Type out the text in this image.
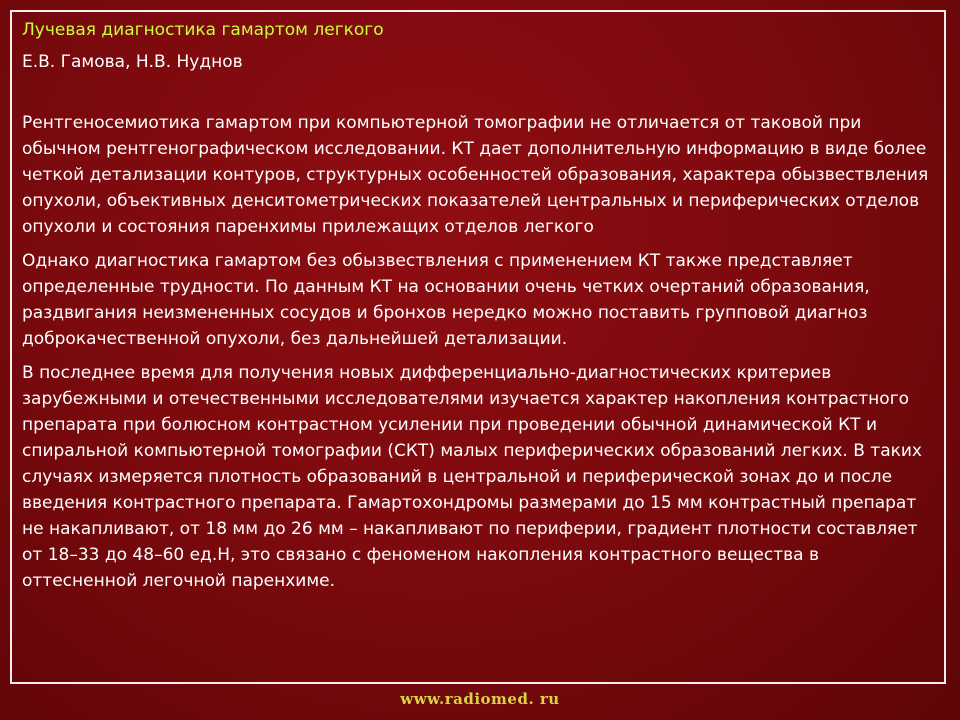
Лучевая диагностика гамартом легкого
Е.В. Гамова, Н.В. Нуднов

Рентгеносемиотика гамартом при компьютерной томографии не отличается от таковой при обычном рентгенографическом исследовании. КТ дает дополнительную информацию в виде более четкой детализации контуров, структурных особенностей образования, характера обызвествления опухоли, объективных денситометрических показателей центральных и периферических отделов опухоли и состояния паренхимы прилежащих отделов легкого

Однако диагностика гамартом без обызвествления с применением КТ также представляет определенные трудности. По данным КТ на основании очень четких очертаний образования, раздвигания неизмененных сосудов и бронхов нередко можно поставить групповой диагноз доброкачественной опухоли, без дальнейшей детализации.

В последнее время для получения новых дифференциально-диагностических критериев зарубежными и отечественными исследователями изучается характер накопления контрастного препарата при болюсном контрастном усилении при проведении обычной динамической КТ и спиральной компьютерной томографии (СКТ) малых периферических образований легких. В таких случаях измеряется плотность образований в центральной и периферической зонах до и после введения контрастного препарата. Гамартохондромы размерами до 15 мм контрастный препарат не накапливают, от 18 мм до 26 мм – накапливают по периферии, градиент плотности составляет от 18–33 до 48–60 ед.Н, это связано с феноменом накопления контрастного вещества в оттесненной легочной паренхиме.

www.radiomed. ru
